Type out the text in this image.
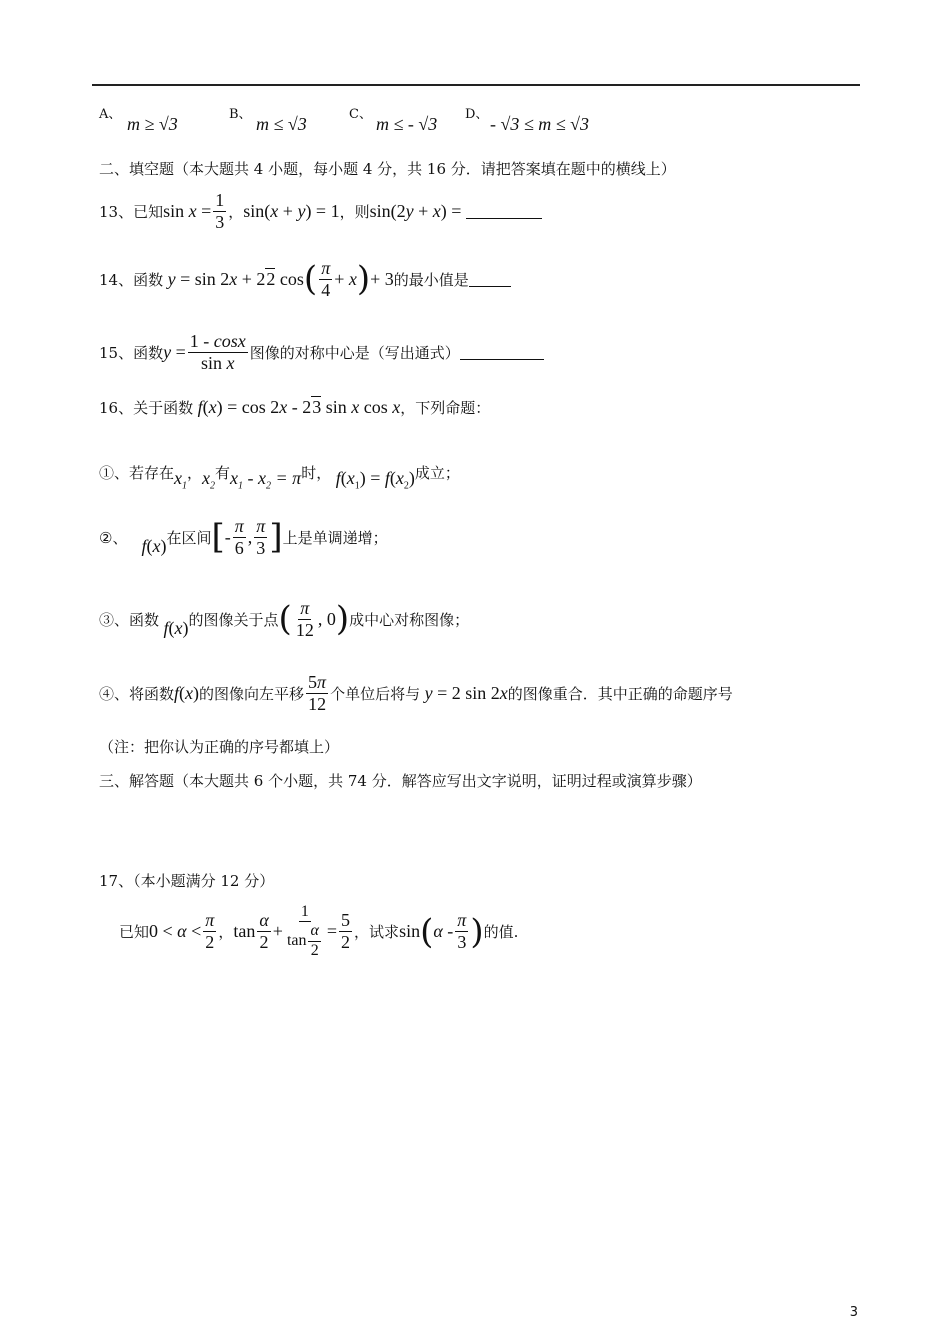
A、 m ≥ √3	B、 m ≤ √3	C、 m ≤ - √3 D、 - √3 ≤ m ≤ √3
二、填空题（本大题共 4 小题，每小题 4 分，共 16 分．请把答案填在题中的横线上）
13、已知 $\sin x = \frac{1}{3}$ ， sin(x + y) = 1 ，则 sin(2y + x) =
14、函数 y = sin 2x + 22 cos ( $\frac{\pi}{4} + x$ ) + 3 的最小值是
15、函数 $y = \frac{1 - \cos x}{\text{sin x}}$ 图像的对称中心是（写出通式）
16、关于函数 f(x) = cos 2x - 23 sin x cos x ，下列命题：
①、若存在 $x_1$
， $x_2$
有 $x_1 - x_2 = \pi$ 时， $f(x_1) = f(x_2)$ 成立；
②、 f(x) 在区间 [ - $\frac{\pi}{6}$ , $\frac{\pi}{3}$ ] 上是单调递增；
③、函数 f(x) 的图像关于点 ( $\frac{\pi}{12}$ , 0 ) 成中心对称图像；
④、将函数 f(x) 的图像向左平移 $\frac{5\pi}{12}$ 个单位后将与 y = 2 sin 2x 的图像重合．其中正确的命题序号
（注：把你认为正确的序号都填上）
三、解答题（本大题共 6 个小题，共 74 分．解答应写出文字说明，证明过程或演算步骤）
17、（本小题满分 12 分）
已知 $0 < \alpha < \frac{\pi}{2}$ ， $\tan \frac{\alpha}{2} + \frac{1}{\tan \frac{\alpha}{2}} = \frac{5}{2}$ ，试求 sin ( α - $\frac{\pi}{3}$ ) 的值.
3
